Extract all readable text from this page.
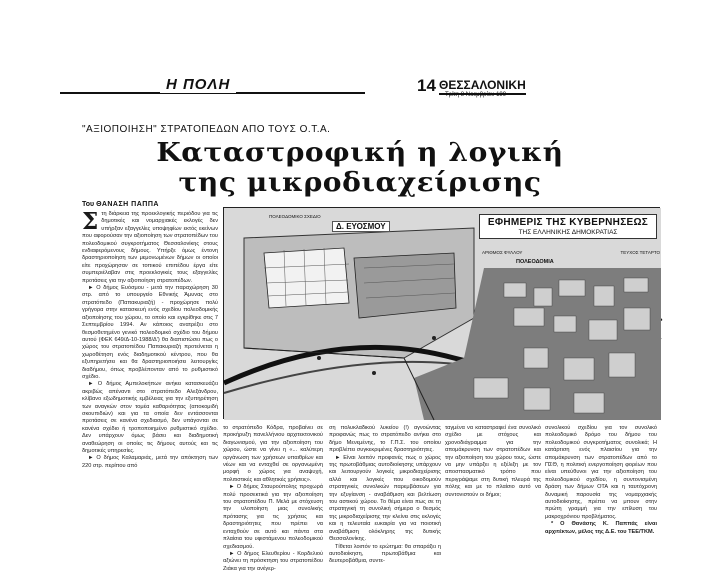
Η ΠΟΛΗ	14 ΘΕΣΣΑΛΟΝΙΚΗ
Τρίτη 8 Νοεμβρίου 199
"ΑΞΙΟΠΟΙΗΣΗ" ΣΤΡΑΤΟΠΕΔΩΝ ΑΠΟ ΤΟΥΣ Ο.Τ.Α.
Καταστροφική η λογική
της μικροδιαχείρισης
Του ΘΑΝΑΣΗ ΠΑΠΠΑ
Σ τη διάρκεια της προεκλογικής περιόδου για τις δημοτικές και νομαρχιακές εκλογές δεν υπήρξαν εξαγγελίες υποψηφίων εκτός εκείνων που αφορούσαν την αξιοποίηση των στρατοπέδων του πολεοδομικού συγκροτήματος Θεσσαλονίκης στους ενδιαφερόμενους δήμους. Υπήρξε όμως έντονη δραστηριοποίηση των μεμονωμένων δήμων οι οποίοι είτε προχώρησαν σε τοπικού επιπέδου έργα είτε συμπεριέλαβαν στις προεκλογικές τους εξαγγελίες προτάσεις για την αξιοποίηση στρατοπέδων.

► Ο δήμος Ευόσμου - μετά την παραχώρηση 30 στρ. από το υπουργείο Εθνικής Άμυνας στο στρατόπεδο (Παπακυριαζή) - προχώρησε πολύ γρήγορα στην κατασκευή ενός σχεδίου πολεοδομικής αξιοποίησης του χώρου, το οποίο και εγκρίθηκε στις 7 Σεπτεμβρίου 1994. Αν κάποιος ανατρέξει στο θεσμοθετημένο γενικό πολεοδομικό σχέδιο του δήμου αυτού (ΦΕΚ 649/Δ-10-1988/Δ') θα διαπιστώσει πως ο χώρος του στρατοπέδου Παπακυριαζή προτείνεται η χωροθέτηση ενός διαδημοτικού κέντρου, που θα εξυπηρετήσει και θα δραστηριοποιήσει λειτουργίες διαδήμου, όπως προβλέπονταν από το ρυθμιστικό σχέδιο.

► Ο δήμος Αμπελοκήπων ανήκει κατασκευάζει ακριβώς απέναντι στο στρατόπεδο Αλεξάνδρου, κλίβανο εξωδημοτικής εμβέλειας για την εξυπηρέτηση των αναγκών στον τομέα καθαριότητας (αποκομιδή σκουπιδιών) και για τα οποία δεν εντάσσονται προτάσεις σε κανένα σχεδιασμό, δεν υπάγονται σε κανένα σχέδιο ή τροποποιημένο ρυθμιστικό σχέδιο. Δεν υπάρχουν όμως βάσει και διαδημοτική αναθεώρηση οι οποίες τις δήμους αυτούς και τις δημοτικές υπηρεσίες.

► Ο δήμος Καλαμαριάς, μετά την απόκτηση των 220 στρ. περίπου από

ΠΟΛΕΟΔΟΜΙΚΟ ΣΧΕΔΙΟ
Δ. ΕΥΟΣΜΟΥ	ΕΦΗΜΕΡΙΣ ΤΗΣ ΚΥΒΕΡΝΗΣΕΩΣ
ΤΗΣ ΕΛΛΗΝΙΚΗΣ ΔΗΜΟΚΡΑΤΙΑΣ
ΑΡΙΘΜΟΣ ΦΥΛΛΟΥ	ΤΕΥΧΟΣ ΤΕΤΑΡΤΟ
ΠΟΛΕΟΔΟΜΙΑ

το στρατόπεδο Κόδρα, προβαίνει σε προκήρυξη πανελλήνιου αρχιτεκτονικού διαγωνισμού, για την αξιοποίηση του χώρου, ώστε να γίνει η «... καλύτερη οργάνωση των χρήσεων υπαιθρίων και νέων και να ενταχθεί σε οργανωμένη μορφή ο χώρος για αναψυχή, πολιτιστικές και αθλητικές χρήσεις».

► Ο δήμος Σταυρούπολης προχωρά πολύ προσεκτικά για την αξιοποίηση του στρατοπέδου Π. Μελά με στόχευση την υλοποίηση μιας συνολικής πρότασης για τις χρήσεις και δραστηριότητες που πρέπει να ενταχθούν σε αυτό και πάντα στα πλαίσια του υφιστάμενου πολεοδομικού σχεδιασμού.

► Ο δήμος Ελευθερίου - Κορδελιού αξιώνει τη πρόσκτηση του στρατοπέδου Ζιάκα για την ανέγερ-

ση πολυκλαδικού λυκείου (!) αγνοώντας προφανώς πως το στρατόπεδο ανήκει στο δήμο Μενεμένης, το Γ.Π.Σ. του οποίου προβλέπει συγκεκριμένες δραστηριότητες.

► Είναι λοιπόν προφανές πως ο χώρος της πρωτοβάθμιας αυτοδιοίκησης υπάρχουν και λειτουργούν λογικές μικροδιαχείρισης αλλά και λογικές που οικοδομούν στρατηγικές συνολικών παρεμβάσεων για την εξυγίανση - αναβάθμιση και βελτίωση του αστικού χώρου. Το θέμα είναι πως σε τη στρατηγική τη συνολική σήμερα ο θεσμός της μικροδιαχείρισης την κλείνει στις εκλογές και η τελευταία ευκαιρία για να ποιοτική αναβάθμιση ολόκληρης της δυτικής Θεσσαλονίκης.

Τίθεται λοιπόν το ερώτημα: θα σπαράξει η αυτοδιοίκηση, πρωτοβάθμια και δευτεροβάθμια, συντε-

ταγμένα να καταστραφεί ένα συνολικό σχέδιο με στόχους και χρονοδιάγραμμα για την απομάκρυνση των στρατοπέδων και την αξιοποίηση του χώρου τους, ώστε να μην υπάρξει η εξέλιξη με τον αποσπασματικό τρόπο που περιγράψαμε στη δυτική πλευρά της πόλης και με το πλαίσιο αυτό να συντονιστούν οι δήμοι;

συνολικού σχεδίου για τον συνολικό πολεοδομικό δρόμο του δήμου του πολεοδομικού συγκροτήματος συνολικά; Η κατάρτιση ενός πλαισίου για την απομάκρυνση των στρατοπέδων από το ΠΣΘ, η πολιτική ενεργοποίηση φορέων που είναι υπεύθυνοι για την αξιοποίηση του πολεοδομικού σχεδίου, η συντονισμένη δράση των δήμων ΟΤΑ και η ταυτόχρονη δυναμική παρουσία της νομαρχιακής αυτοδιοίκησης, πρέπει να μπουν στην πρώτη γραμμή για την επίλυση του μακροχρόνιου προβλήματος.

* Ο Θανάσης Κ. Παππάς είναι αρχιτέκτων, μέλος της Δ.Ε. του ΤΕΕ/ΤΚΜ.
